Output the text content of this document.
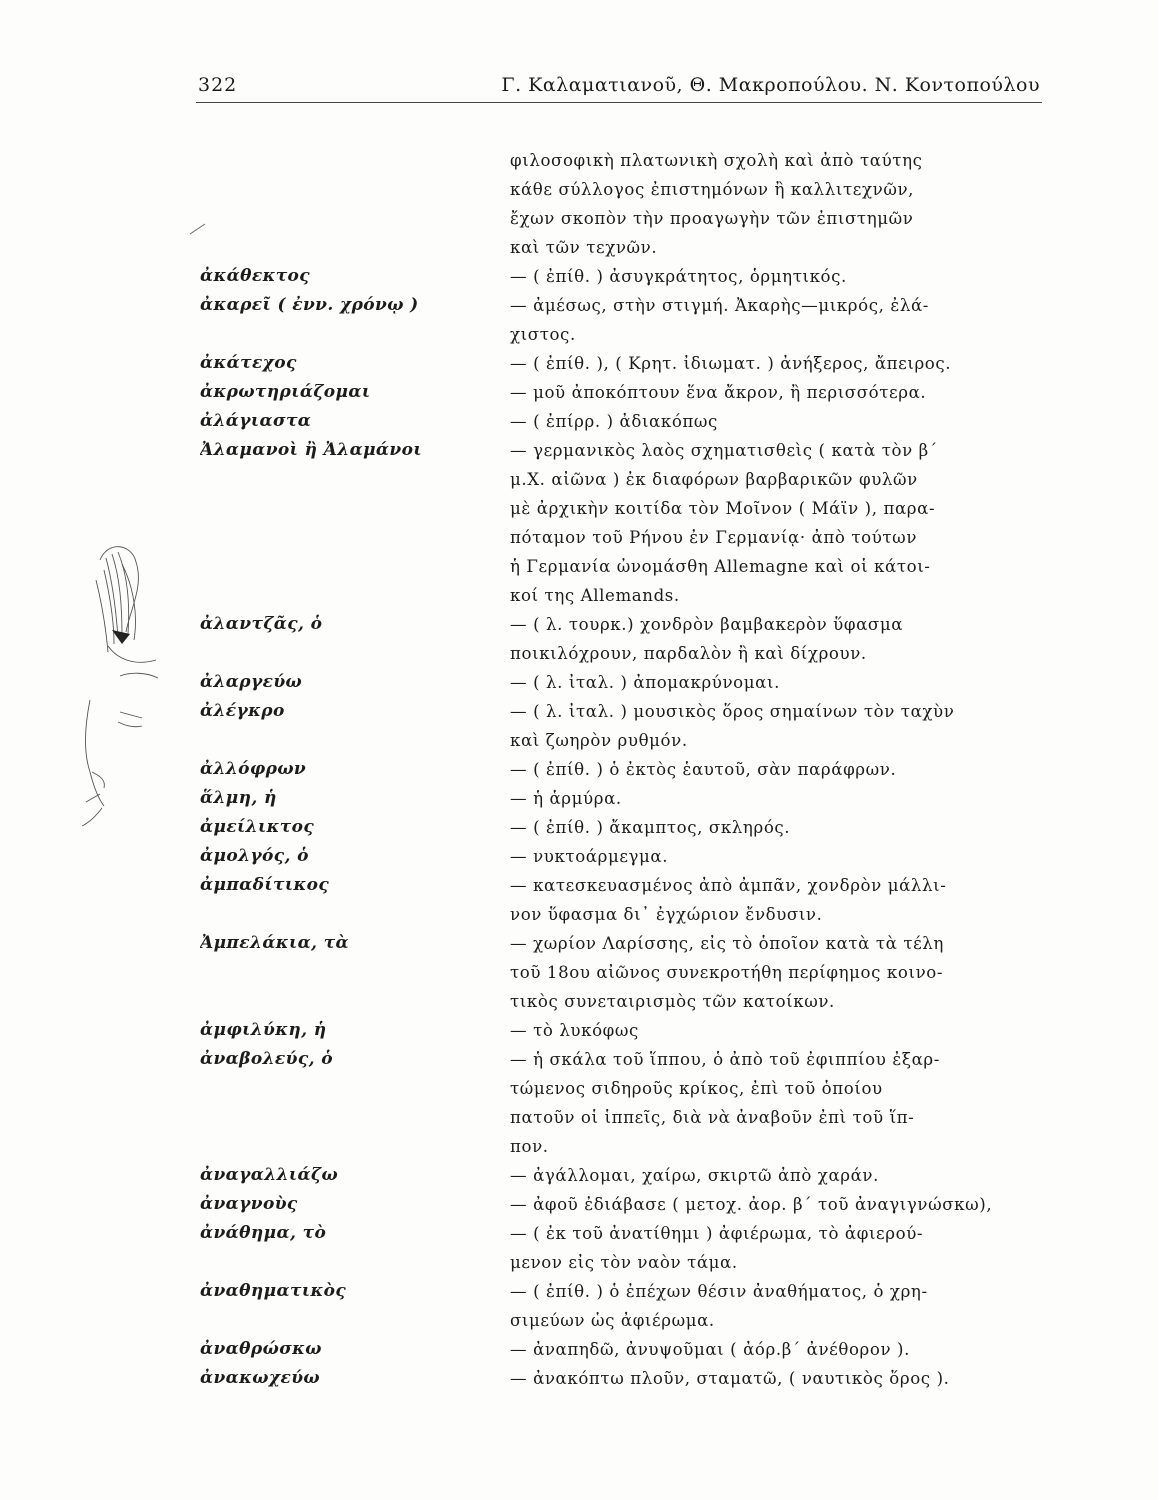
322	Γ. Καλαματιανοῦ, Θ. Μακροπούλου. Ν. Κοντοπούλου
ἀκάθεκτος
ἀκαρεῖ ( ἐνν. χρόνῳ )
ἀκάτεχος
ἀκρωτηριάζομαι
ἀλάγιαστα
Ἀλαμανοὶ ἢ Ἀλαμάνοι
ἀλαντζᾶς, ὁ
ἀλαργεύω
ἀλέγκρο
ἀλλόφρων
ἅλμη, ἡ
ἀμείλικτος
ἀμολγός, ὁ
ἀμπαδίτικος
Ἀμπελάκια, τὰ
ἀμφιλύκη, ἡ
ἀναβολεύς, ὁ
ἀναγαλλιάζω
ἀναγνοὺς
ἀνάθημα, τὸ
ἀναθηματικὸς
ἀναθρώσκω
ἀνακωχεύω
φιλοσοφικὴ πλατωνικὴ σχολὴ καὶ ἀπὸ ταύτης
κάθε σύλλογος ἐπιστημόνων ἢ καλλιτεχνῶν,
ἔχων σκοπὸν τὴν προαγωγὴν τῶν ἐπιστημῶν
καὶ τῶν τεχνῶν.
— ( ἐπίθ. ) ἀσυγκράτητος, ὁρμητικός.
— ἀμέσως, στὴν στιγμή. Ἀκαρὴς—μικρός, ἐλά-
χιστος.
— ( ἐπίθ. ), ( Κρητ. ἰδιωματ. ) ἀνήξερος, ἄπειρος.
— μοῦ ἀποκόπτουν ἕνα ἄκρον, ἢ περισσότερα.
— ( ἐπίρρ. ) ἀδιακόπως
— γερμανικὸς λαὸς σχηματισθεὶς ( κατὰ τὸν β´
μ.Χ. αἰῶνα ) ἐκ διαφόρων βαρβαρικῶν φυλῶν
μὲ ἀρχικὴν κοιτίδα τὸν Μοῖνον ( Μάϊν ), παρα-
πόταμον τοῦ Ρήνου ἐν Γερμανίᾳ· ἀπὸ τούτων
ἡ Γερμανία ὠνομάσθη Allemagne καὶ οἱ κάτοι-
κοί της Allemands.
— ( λ. τουρκ.) χονδρὸν βαμβακερὸν ὕφασμα
ποικιλόχρουν, παρδαλὸν ἢ καὶ δίχρουν.
— ( λ. ἰταλ. ) ἀπομακρύνομαι.
— ( λ. ἰταλ. ) μουσικὸς ὅρος σημαίνων τὸν ταχὺν
καὶ ζωηρὸν ρυθμόν.
— ( ἐπίθ. ) ὁ ἐκτὸς ἑαυτοῦ, σὰν παράφρων.
— ἡ ἁρμύρα.
— ( ἐπίθ. ) ἄκαμπτος, σκληρός.
— νυκτοάρμεγμα.
— κατεσκευασμένος ἀπὸ ἀμπᾶν, χονδρὸν μάλλι-
νον ὕφασμα δι᾽ ἐγχώριον ἔνδυσιν.
— χωρίον Λαρίσσης, εἰς τὸ ὁποῖον κατὰ τὰ τέλη
τοῦ 18ου αἰῶνος συνεκροτήθη περίφημος κοινο-
τικὸς συνεταιρισμὸς τῶν κατοίκων.
— τὸ λυκόφως
— ἡ σκάλα τοῦ ἵππου, ὁ ἀπὸ τοῦ ἐφιππίου ἐξαρ-
τώμενος σιδηροῦς κρίκος, ἐπὶ τοῦ ὁποίου
πατοῦν οἱ ἱππεῖς, διὰ νὰ ἀναβοῦν ἐπὶ τοῦ ἵπ-
πον.
— ἀγάλλομαι, χαίρω, σκιρτῶ ἀπὸ χαράν.
— ἀφοῦ ἐδιάβασε ( μετοχ. ἀορ. β´ τοῦ ἀναγιγνώσκω),
— ( ἐκ τοῦ ἀνατίθημι ) ἀφιέρωμα, τὸ ἀφιερού-
μενον εἰς τὸν ναὸν τάμα.
— ( ἐπίθ. ) ὁ ἐπέχων θέσιν ἀναθήματος, ὁ χρη-
σιμεύων ὡς ἀφιέρωμα.
— ἀναπηδῶ, ἀνυψοῦμαι ( ἀόρ.β´ ἀνέθορον ).
— ἀνακόπτω πλοῦν, σταματῶ, ( ναυτικὸς ὅρος ).
